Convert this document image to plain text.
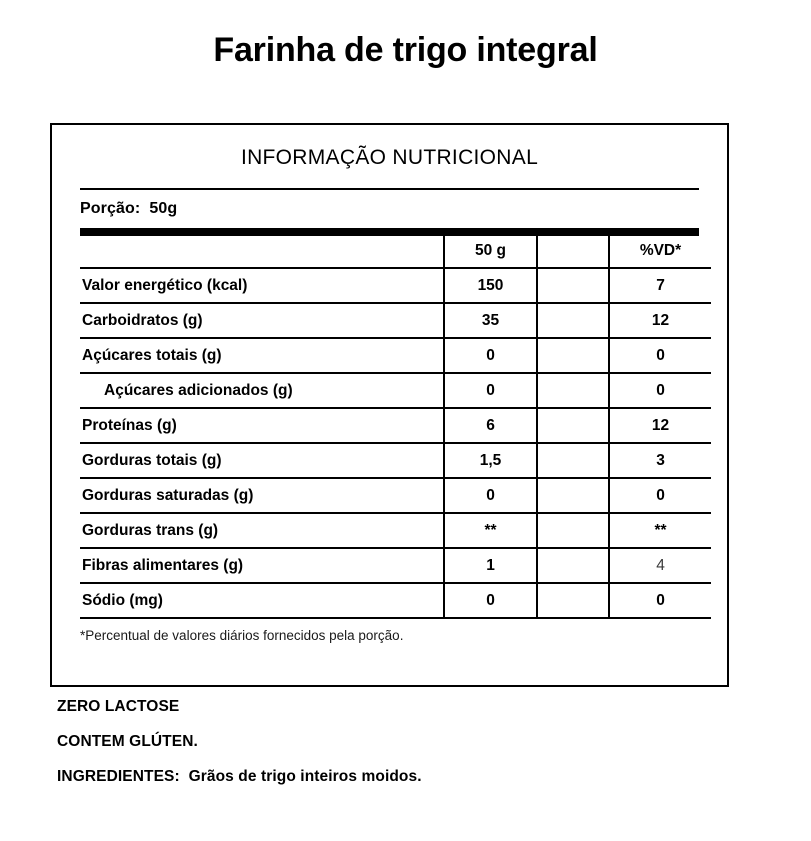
Farinha de trigo integral
INFORMAÇÃO NUTRICIONAL
Porção: 50g
	50 g		%VD*
Valor energético (kcal)	150		7
Carboidratos (g)	35		12
Açúcares totais (g)	0		0
Açúcares adicionados (g)	0		0
Proteínas (g)	6		12
Gorduras totais (g)	1,5		3
Gorduras saturadas (g)	0		0
Gorduras trans (g)	**		**
Fibras alimentares (g)	1		4
Sódio (mg)	0		0
*Percentual de valores diários fornecidos pela porção.
ZERO LACTOSE
CONTEM GLÚTEN.
INGREDIENTES: Grãos de trigo inteiros moidos.
